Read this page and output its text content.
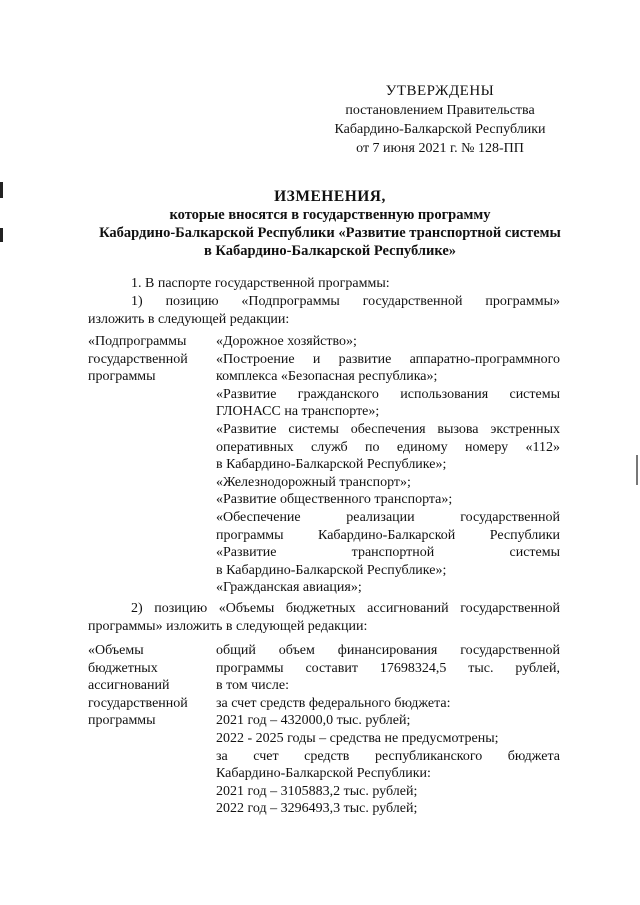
УТВЕРЖДЕНЫ
постановлением Правительства
Кабардино-Балкарской Республики
от 7 июня 2021 г. № 128-ПП
ИЗМЕНЕНИЯ,
которые вносятся в государственную программу
Кабардино-Балкарской Республики «Развитие транспортной системы
в Кабардино-Балкарской Республике»
1. В паспорте государственной программы:
1) позицию «Подпрограммы государственной программы»
изложить в следующей редакции:
«Подпрограммы
государственной
программы
«Дорожное хозяйство»;
«Построение и развитие аппаратно-программного
комплекса «Безопасная республика»;
«Развитие гражданского использования системы
ГЛОНАСС на транспорте»;
«Развитие системы обеспечения вызова экстренных
оперативных служб по единому номеру «112»
в Кабардино-Балкарской Республике»;
«Железнодорожный транспорт»;
«Развитие общественного транспорта»;
«Обеспечение реализации государственной
программы Кабардино-Балкарской Республики
«Развитие транспортной системы
в Кабардино-Балкарской Республике»;
«Гражданская авиация»;
2) позицию «Объемы бюджетных ассигнований государственной
программы» изложить в следующей редакции:
«Объемы
бюджетных
ассигнований
государственной
программы
общий объем финансирования государственной
программы составит 17698324,5 тыс. рублей,
в том числе:
за счет средств федерального бюджета:
2021 год – 432000,0 тыс. рублей;
2022 - 2025 годы – средства не предусмотрены;
за счет средств республиканского бюджета
Кабардино-Балкарской Республики:
2021 год – 3105883,2 тыс. рублей;
2022 год – 3296493,3 тыс. рублей;
